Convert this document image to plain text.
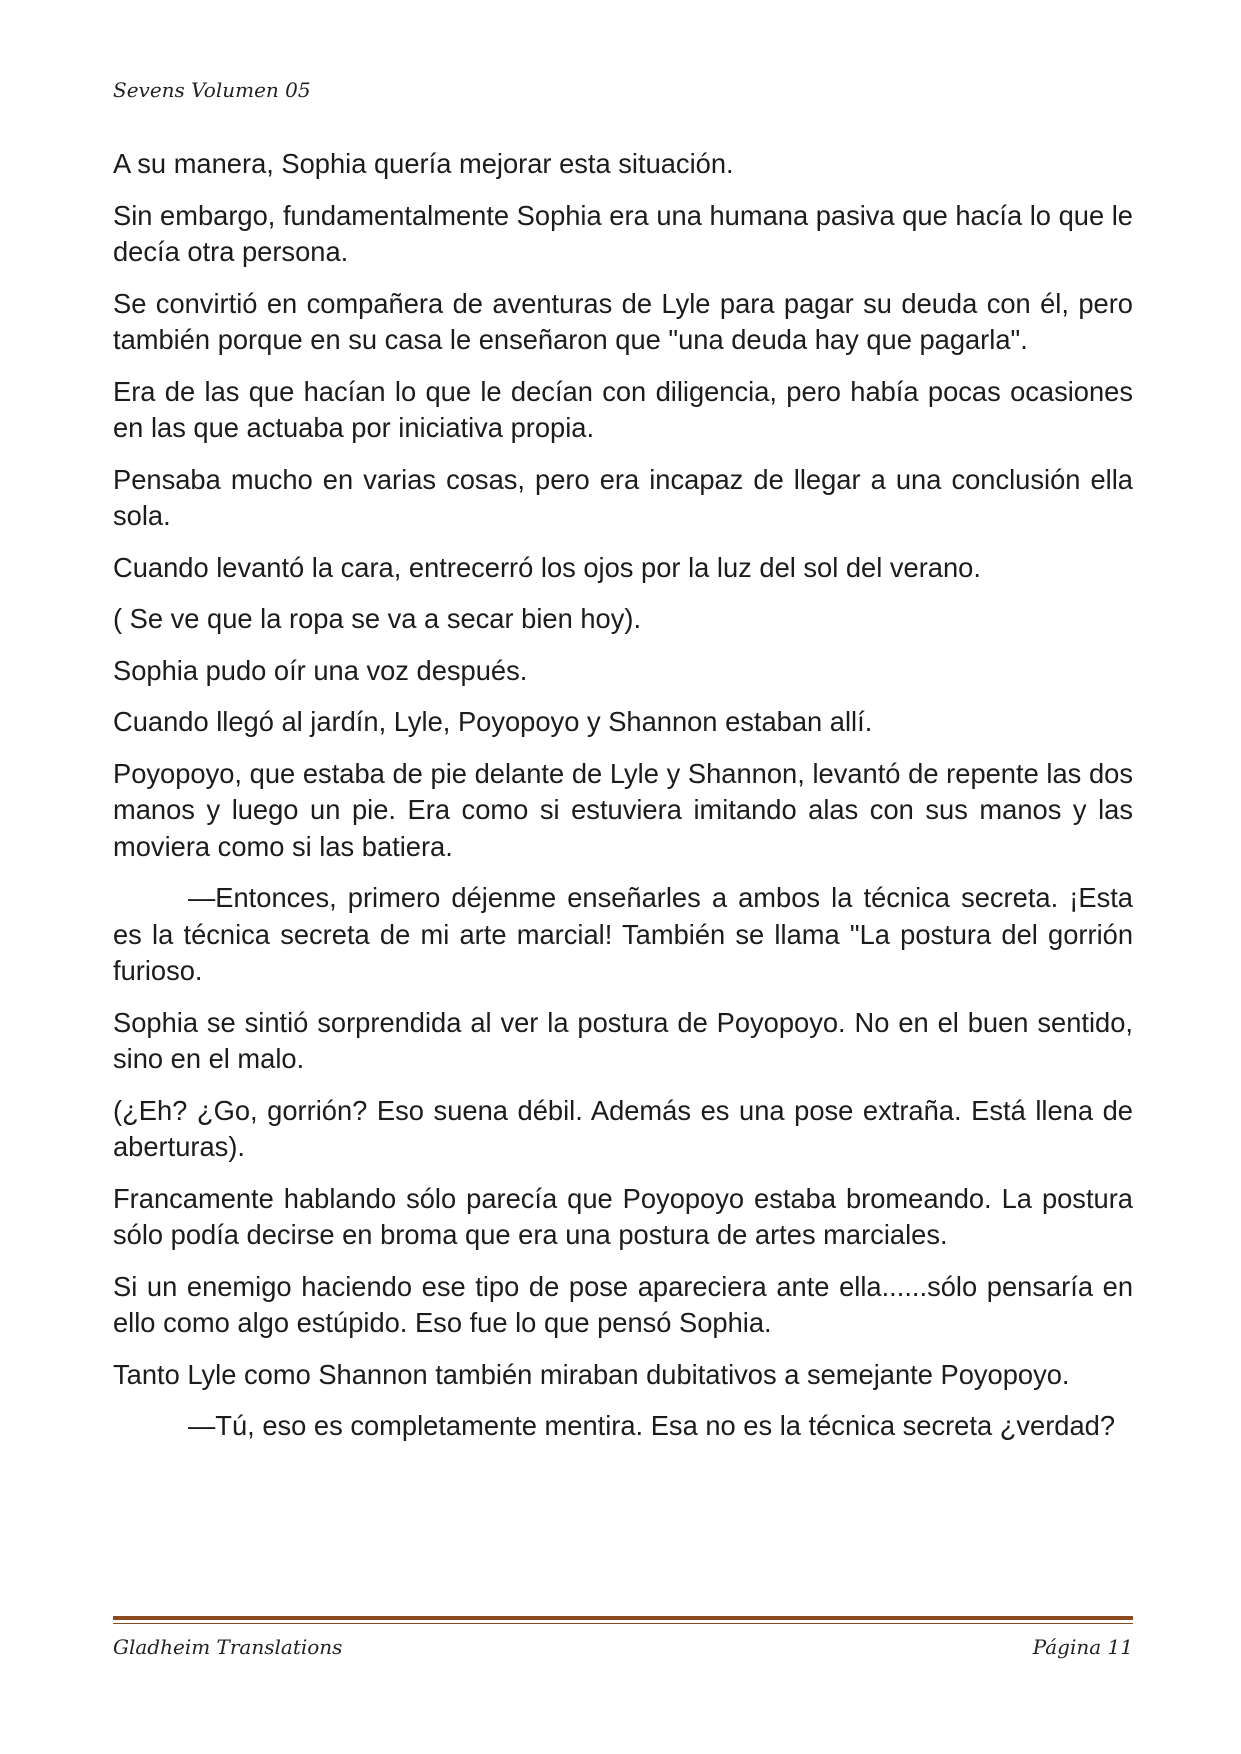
Sevens Volumen 05

A su manera, Sophia quería mejorar esta situación.

Sin embargo, fundamentalmente Sophia era una humana pasiva que hacía lo que le decía otra persona.

Se convirtió en compañera de aventuras de Lyle para pagar su deuda con él, pero también porque en su casa le enseñaron que "una deuda hay que pagarla".

Era de las que hacían lo que le decían con diligencia, pero había pocas ocasiones en las que actuaba por iniciativa propia.

Pensaba mucho en varias cosas, pero era incapaz de llegar a una conclusión ella sola.

Cuando levantó la cara, entrecerró los ojos por la luz del sol del verano.

( Se ve que la ropa se va a secar bien hoy).

Sophia pudo oír una voz después.

Cuando llegó al jardín, Lyle, Poyopoyo y Shannon estaban allí.

Poyopoyo, que estaba de pie delante de Lyle y Shannon, levantó de repente las dos manos y luego un pie. Era como si estuviera imitando alas con sus manos y las moviera como si las batiera.

—Entonces, primero déjenme enseñarles a ambos la técnica secreta. ¡Esta es la técnica secreta de mi arte marcial! También se llama "La postura del gorrión furioso.

Sophia se sintió sorprendida al ver la postura de Poyopoyo. No en el buen sentido, sino en el malo.

(¿Eh? ¿Go, gorrión? Eso suena débil. Además es una pose extraña. Está llena de aberturas).

Francamente hablando sólo parecía que Poyopoyo estaba bromeando. La postura sólo podía decirse en broma que era una postura de artes marciales.

Si un enemigo haciendo ese tipo de pose apareciera ante ella......sólo pensaría en ello como algo estúpido. Eso fue lo que pensó Sophia.

Tanto Lyle como Shannon también miraban dubitativos a semejante Poyopoyo.

—Tú, eso es completamente mentira. Esa no es la técnica secreta ¿verdad?

Gladheim Translations	Página 11
